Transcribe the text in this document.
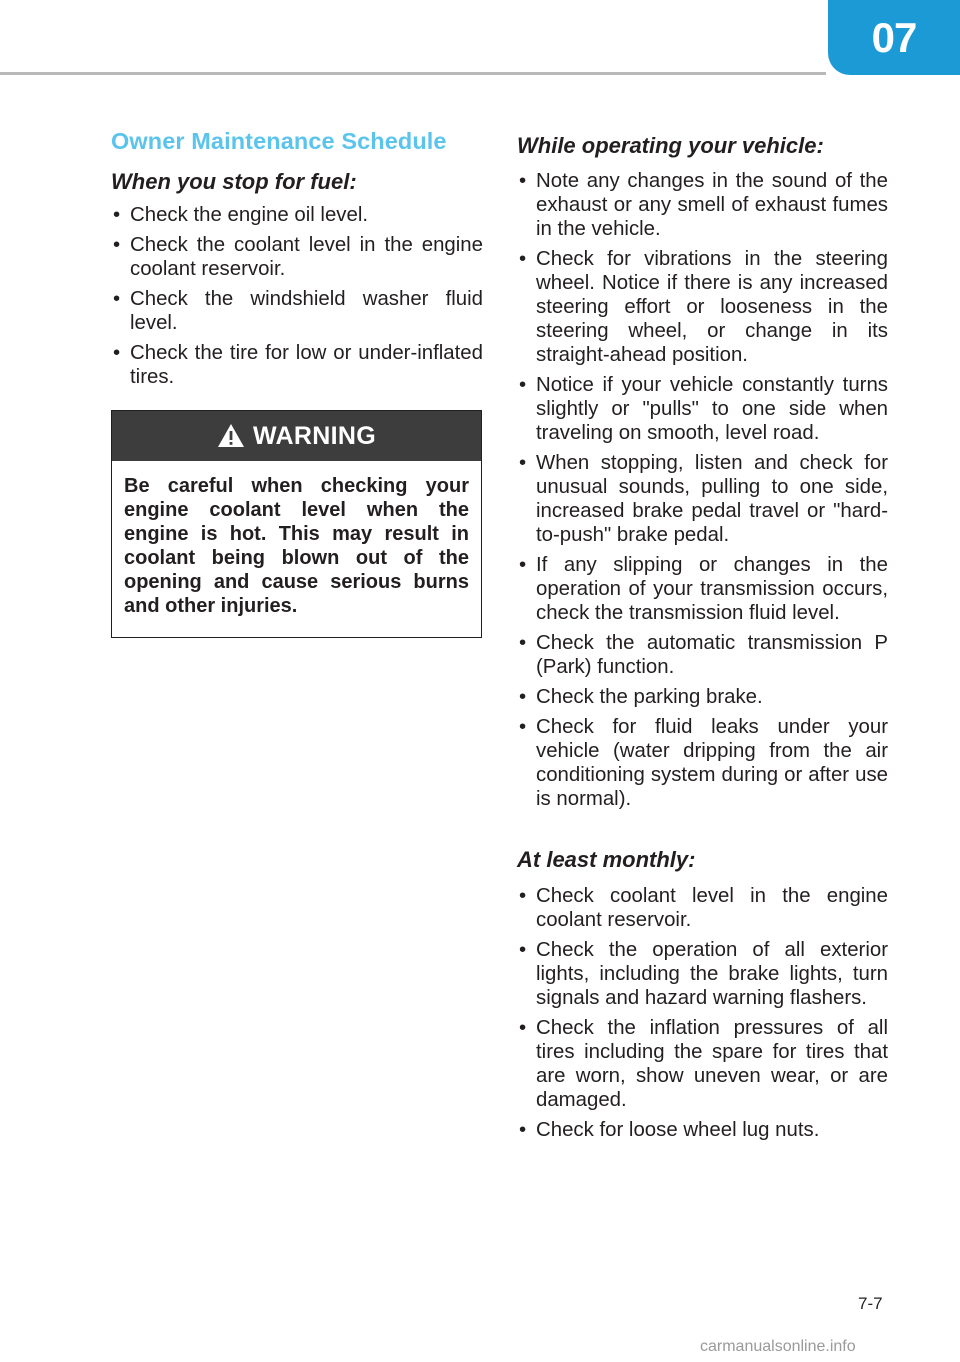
07
Owner Maintenance Schedule
When you stop for fuel:
• Check the engine oil level.
• Check the coolant level in the engine coolant reservoir.
• Check the windshield washer fluid level.
• Check the tire for low or under-inflated tires.
WARNING
Be careful when checking your engine coolant level when the engine is hot. This may result in coolant being blown out of the opening and cause serious burns and other injuries.
While operating your vehicle:
• Note any changes in the sound of the exhaust or any smell of exhaust fumes in the vehicle.
• Check for vibrations in the steering wheel. Notice if there is any increased steering effort or looseness in the steering wheel, or change in its straight-ahead position.
• Notice if your vehicle constantly turns slightly or "pulls" to one side when traveling on smooth, level road.
• When stopping, listen and check for unusual sounds, pulling to one side, increased brake pedal travel or "hard-to-push" brake pedal.
• If any slipping or changes in the operation of your transmission occurs, check the transmission fluid level.
• Check the automatic transmission P (Park) function.
• Check the parking brake.
• Check for fluid leaks under your vehicle (water dripping from the air conditioning system during or after use is normal).
At least monthly:
• Check coolant level in the engine coolant reservoir.
• Check the operation of all exterior lights, including the brake lights, turn signals and hazard warning flashers.
• Check the inflation pressures of all tires including the spare for tires that are worn, show uneven wear, or are damaged.
• Check for loose wheel lug nuts.
7-7
carmanualsonline.info
